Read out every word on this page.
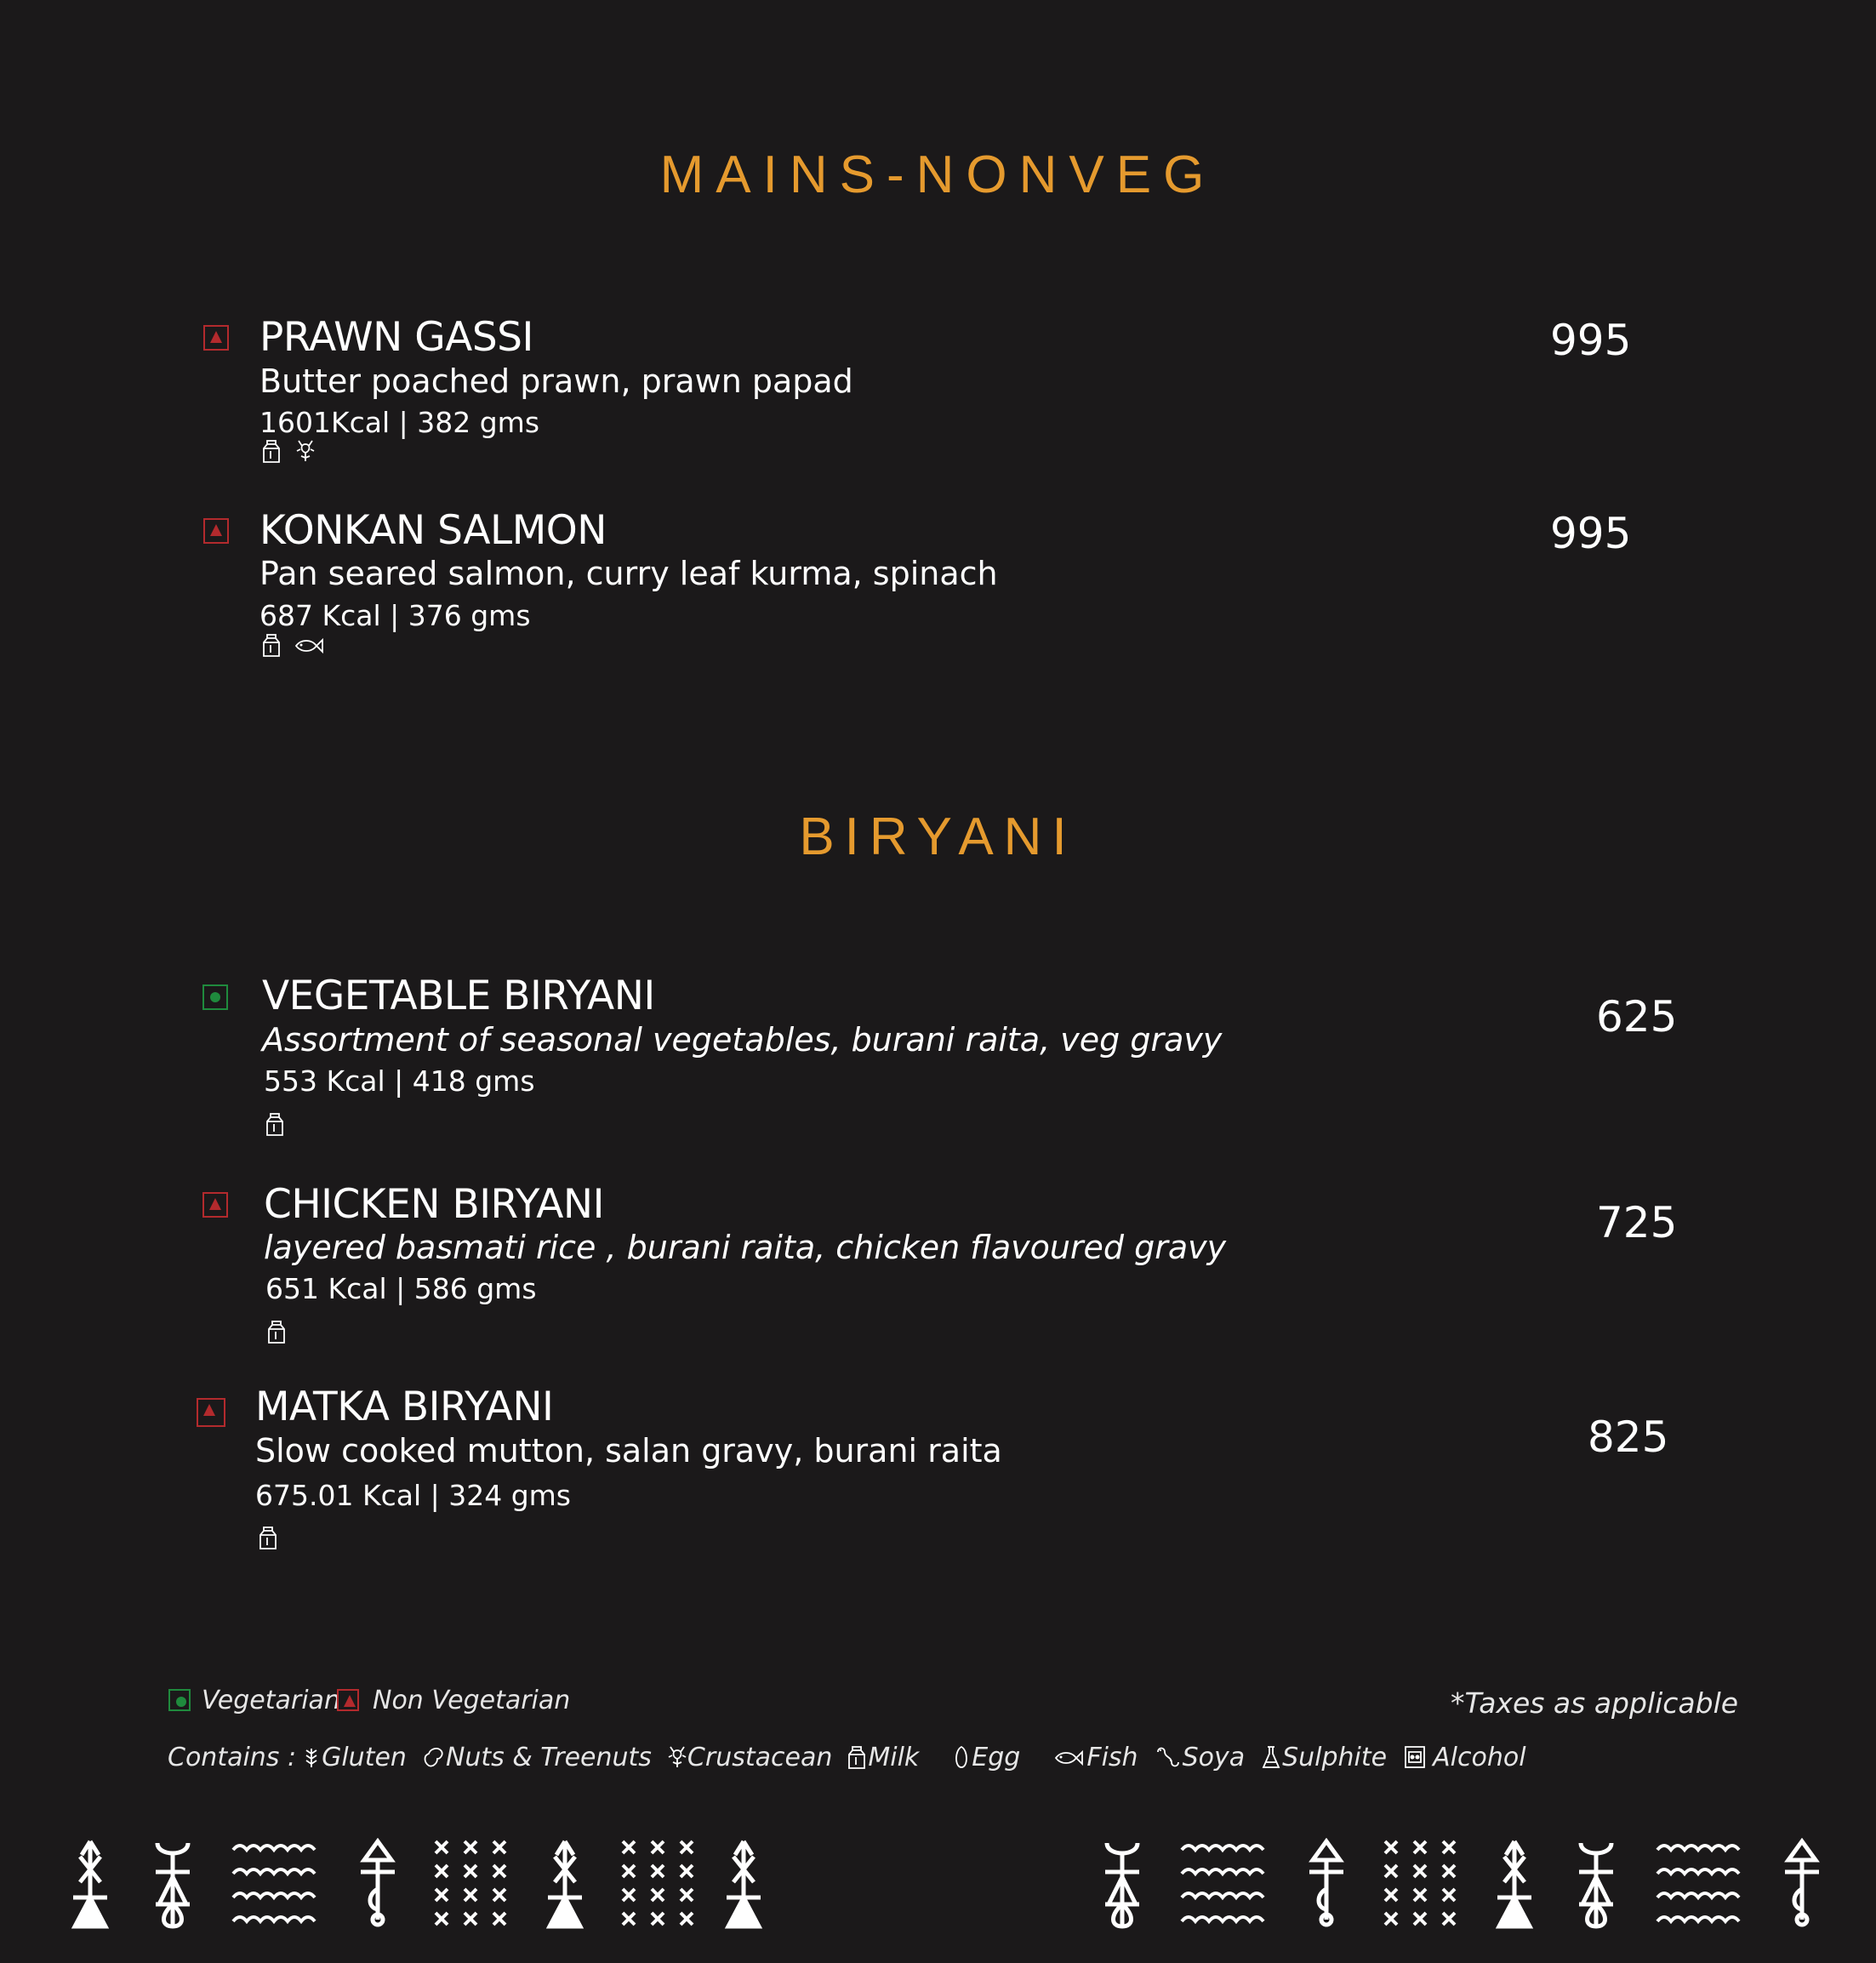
MAINS-NONVEG
BIRYANI
PRAWN GASSI
Butter poached prawn, prawn papad
1601Kcal | 382 gms
995
KONKAN SALMON
Pan seared salmon, curry leaf kurma, spinach
687 Kcal | 376 gms
995
VEGETABLE BIRYANI
Assortment of seasonal vegetables, burani raita, veg gravy
553 Kcal | 418 gms
625
CHICKEN BIRYANI
layered basmati rice , burani raita, chicken flavoured gravy
651 Kcal | 586 gms
725
MATKA BIRYANI
Slow cooked mutton, salan gravy, burani raita
675.01 Kcal | 324 gms
825
Vegetarian Non Vegetarian	*Taxes as applicable
Contains : Gluten Nuts & Treenuts Crustacean Milk Egg	Fish Soya Sulphite Alcohol
